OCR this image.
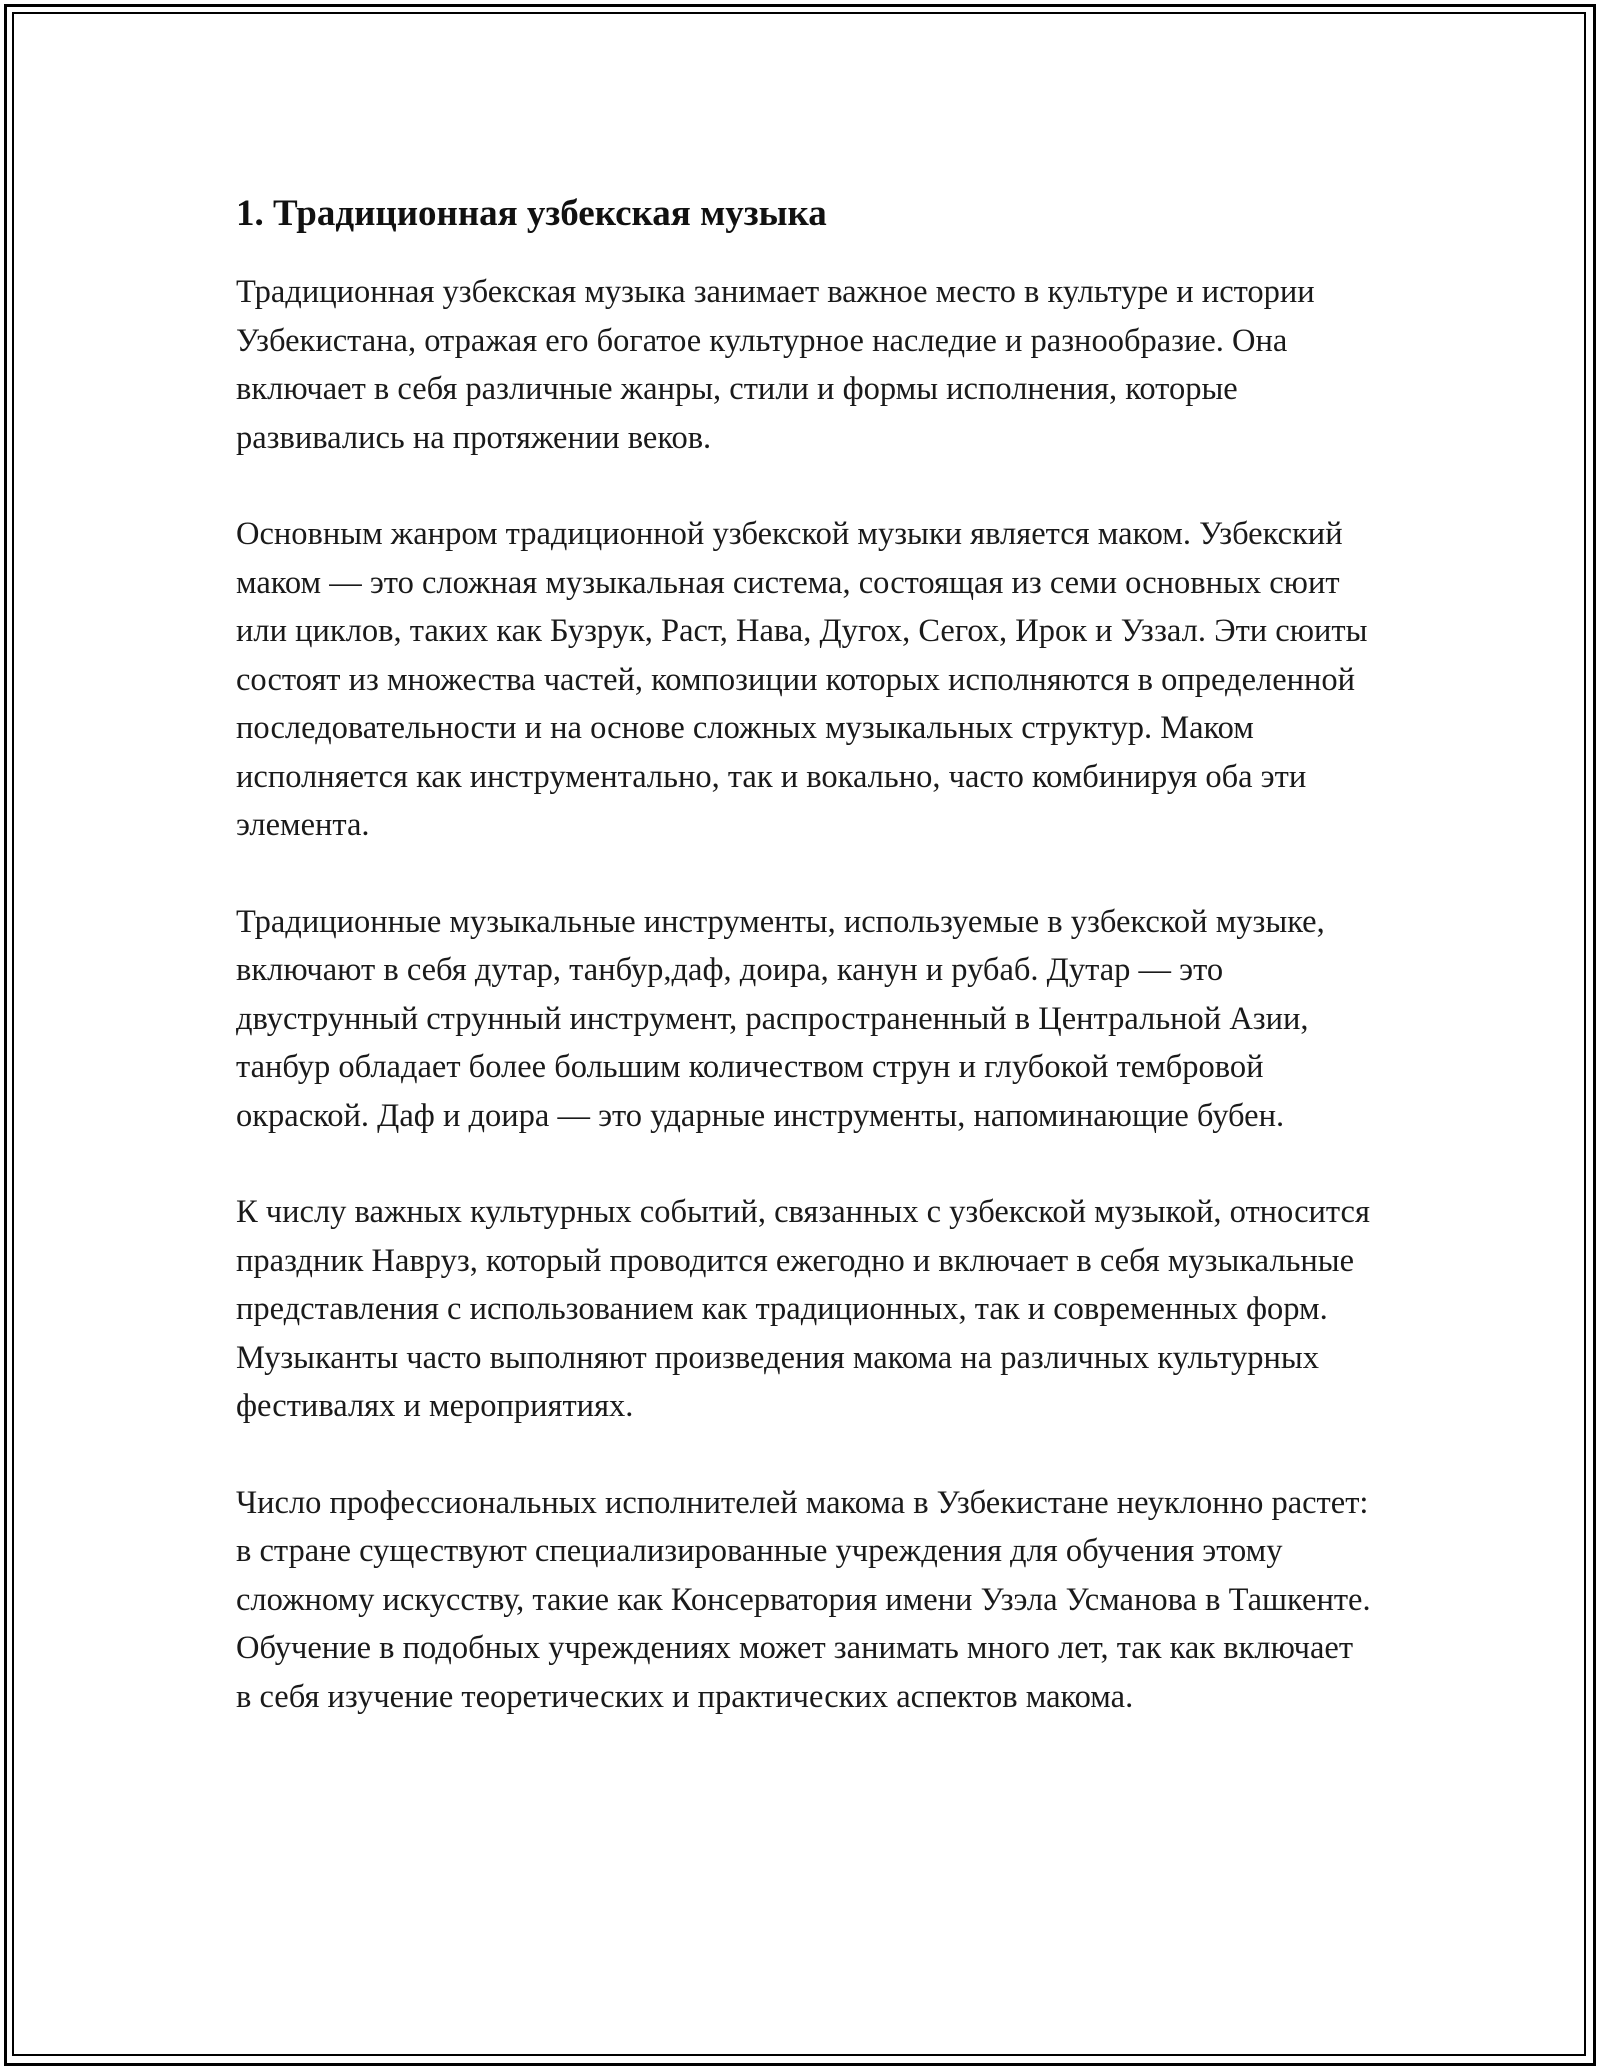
1. Традиционная узбекская музыка

Традиционная узбекская музыка занимает важное место в культуре и истории Узбекистана, отражая его богатое культурное наследие и разнообразие. Она включает в себя различные жанры, стили и формы исполнения, которые развивались на протяжении веков.

Основным жанром традиционной узбекской музыки является маком. Узбекский маком — это сложная музыкальная система, состоящая из семи основных сюит или циклов, таких как Бузрук, Раст, Нава, Дугох, Сегох, Ирок и Уззал. Эти сюиты состоят из множества частей, композиции которых исполняются в определенной последовательности и на основе сложных музыкальных структур. Маком исполняется как инструментально, так и вокально, часто комбинируя оба эти элемента.

Традиционные музыкальные инструменты, используемые в узбекской музыке, включают в себя дутар, танбур,даф, доира, канун и рубаб. Дутар — это двуструнный струнный инструмент, распространенный в Центральной Азии, танбур обладает более большим количеством струн и глубокой тембровой окраской. Даф и доира — это ударные инструменты, напоминающие бубен.

К числу важных культурных событий, связанных с узбекской музыкой, относится праздник Навруз, который проводится ежегодно и включает в себя музыкальные представления с использованием как традиционных, так и современных форм. Музыканты часто выполняют произведения макома на различных культурных фестивалях и мероприятиях.

Число профессиональных исполнителей макома в Узбекистане неуклонно растет: в стране существуют специализированные учреждения для обучения этому сложному искусству, такие как Консерватория имени Узэла Усманова в Ташкенте. Обучение в подобных учреждениях может занимать много лет, так как включает в себя изучение теоретических и практических аспектов макома.
